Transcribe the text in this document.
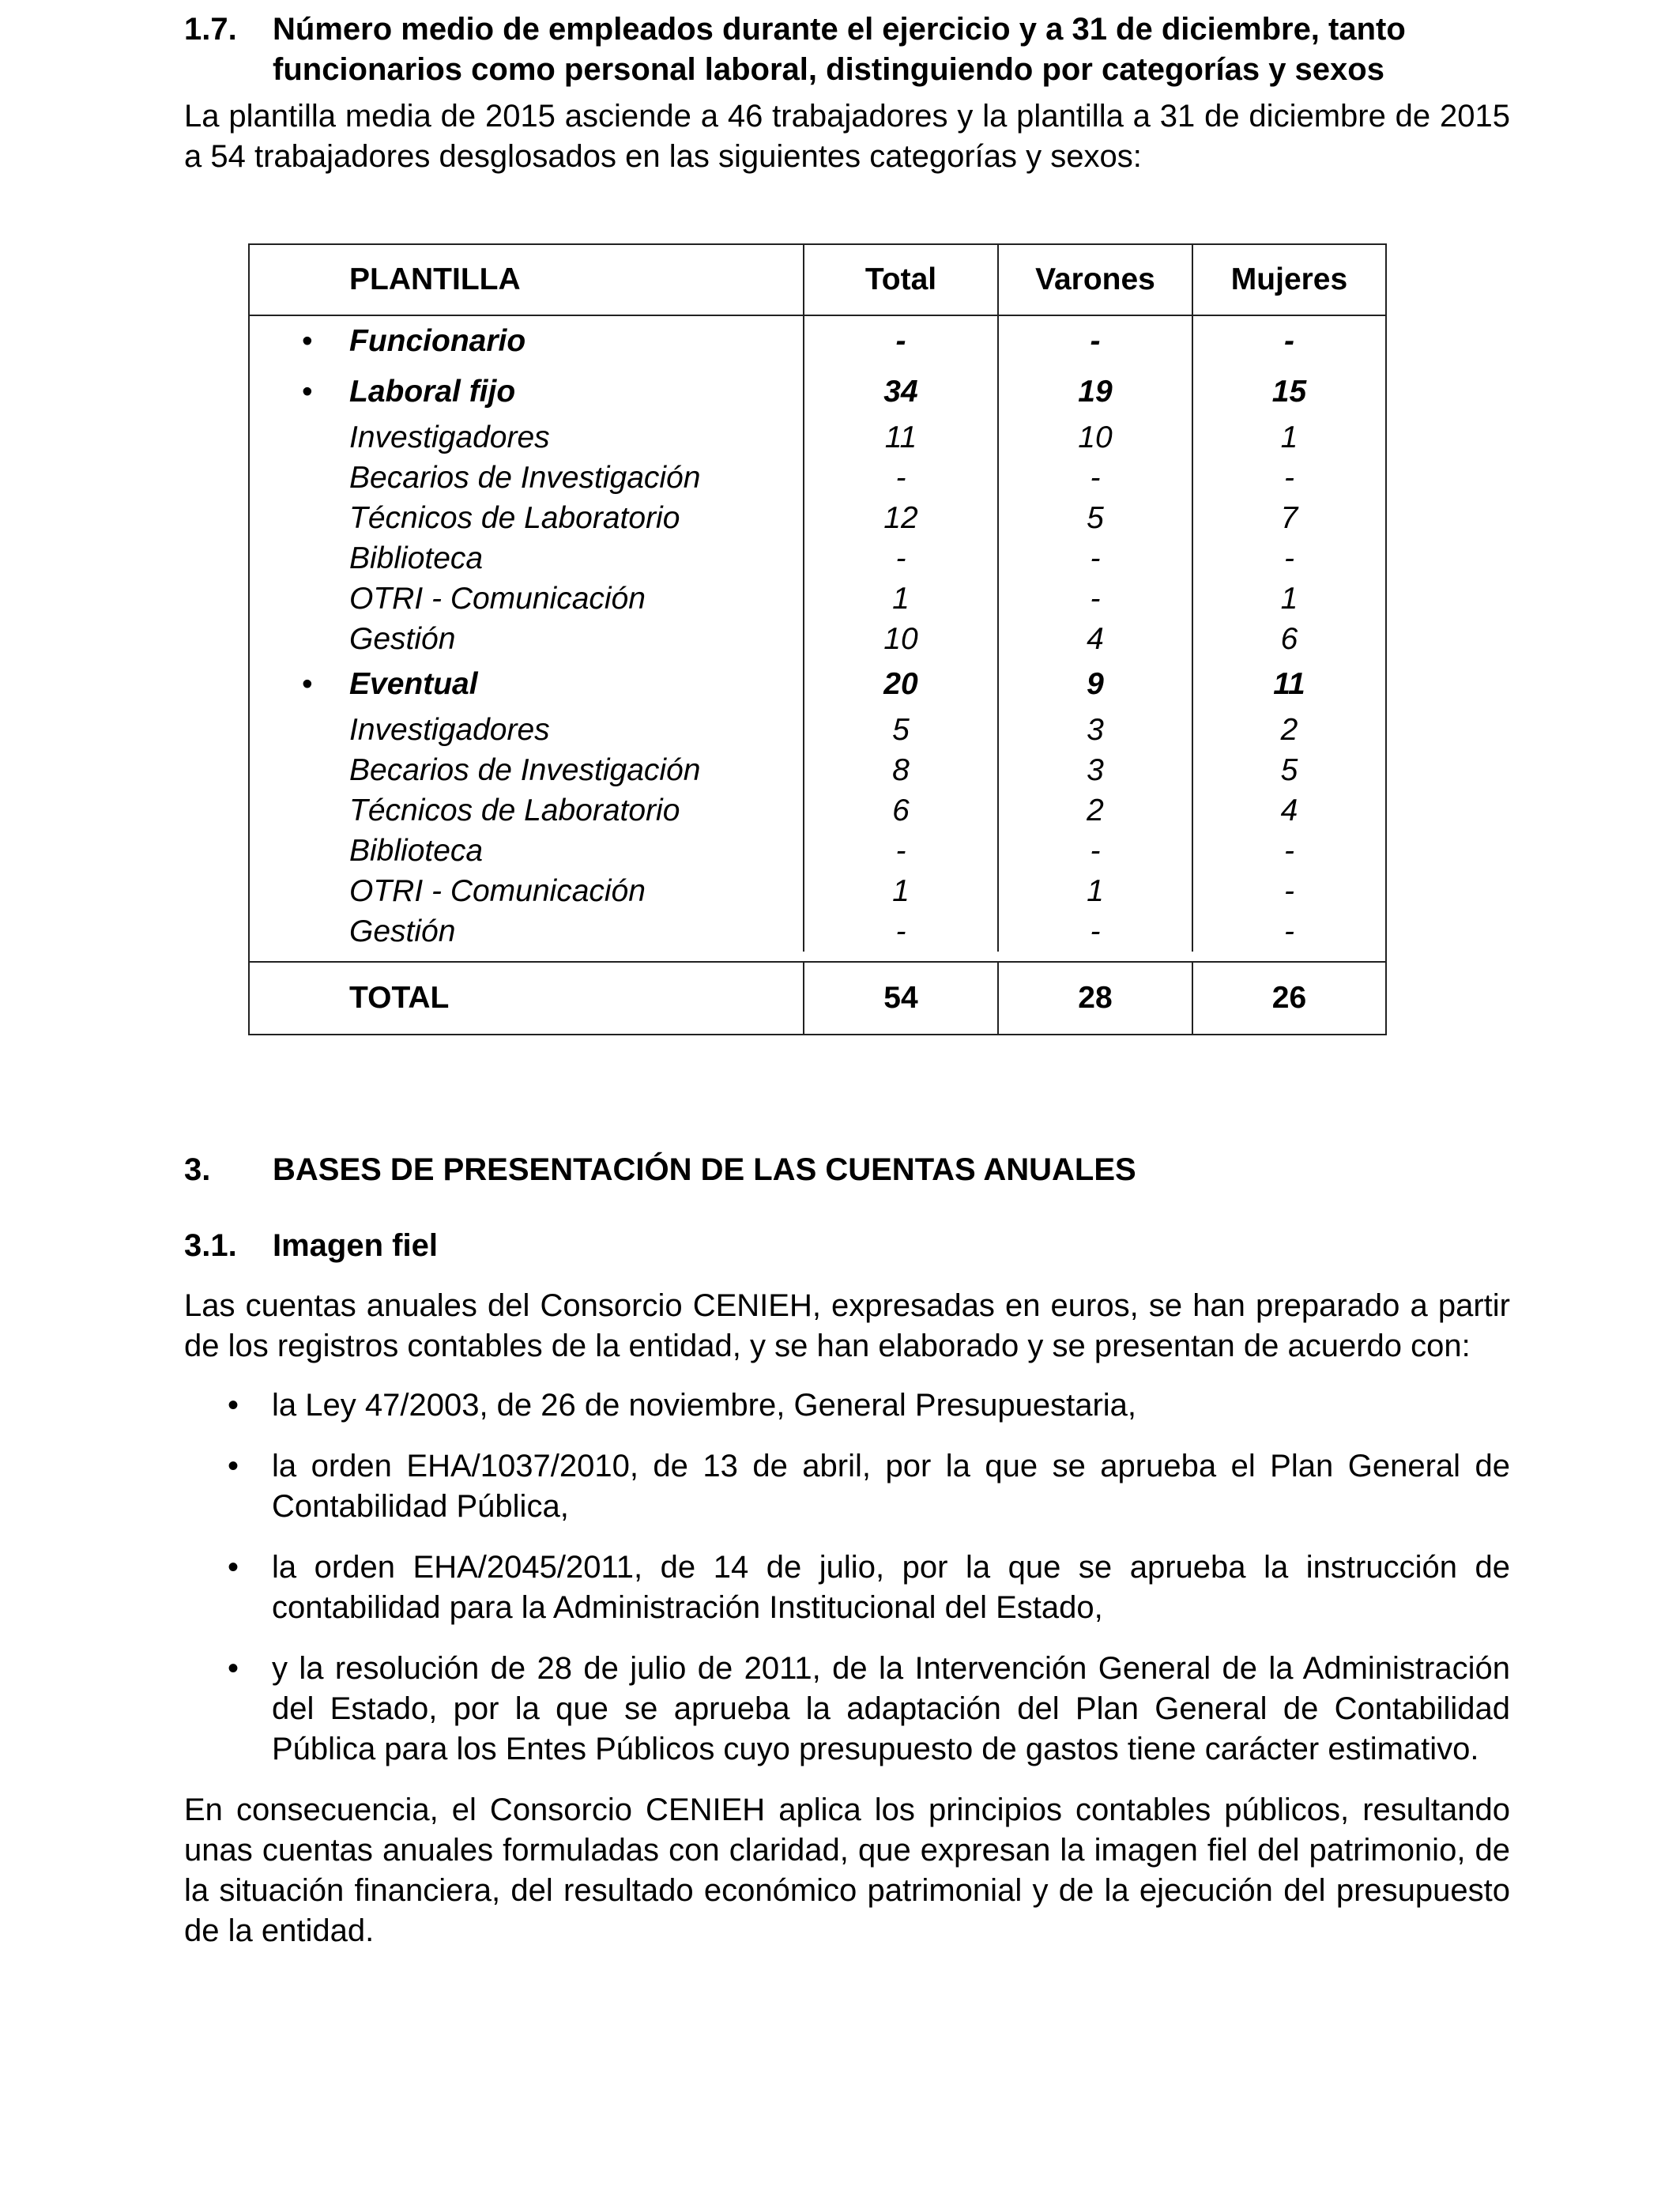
1.7.	Número medio de empleados durante el ejercicio y a 31 de diciembre, tanto funcionarios como personal laboral, distinguiendo por categorías y sexos

La plantilla media de 2015 asciende a 46 trabajadores y la plantilla a 31 de diciembre de 2015 a 54 trabajadores desglosados en las siguientes categorías y sexos:

PLANTILLA	Total	Varones	Mujeres
• Funcionario	-	-	-
• Laboral fijo	34	19	15
Investigadores	11	10	1
Becarios de Investigación	-	-	-
Técnicos de Laboratorio	12	5	7
Biblioteca	-	-	-
OTRI - Comunicación	1	-	1
Gestión	10	4	6
• Eventual	20	9	11
Investigadores	5	3	2
Becarios de Investigación	8	3	5
Técnicos de Laboratorio	6	2	4
Biblioteca	-	-	-
OTRI - Comunicación	1	1	-
Gestión	-	-	-
TOTAL	54	28	26
3.	BASES DE PRESENTACIÓN DE LAS CUENTAS ANUALES
3.1.	Imagen fiel

Las cuentas anuales del Consorcio CENIEH, expresadas en euros, se han preparado a partir de los registros contables de la entidad, y se han elaborado y se presentan de acuerdo con:

•	la Ley 47/2003, de 26 de noviembre, General Presupuestaria,
•	la orden EHA/1037/2010, de 13 de abril, por la que se aprueba el Plan General de Contabilidad Pública,
•	la orden EHA/2045/2011, de 14 de julio, por la que se aprueba la instrucción de contabilidad para la Administración Institucional del Estado,
•	y la resolución de 28 de julio de 2011, de la Intervención General de la Administración del Estado, por la que se aprueba la adaptación del Plan General de Contabilidad Pública para los Entes Públicos cuyo presupuesto de gastos tiene carácter estimativo.

En consecuencia, el Consorcio CENIEH aplica los principios contables públicos, resultando unas cuentas anuales formuladas con claridad, que expresan la imagen fiel del patrimonio, de la situación financiera, del resultado económico patrimonial y de la ejecución del presupuesto de la entidad.
